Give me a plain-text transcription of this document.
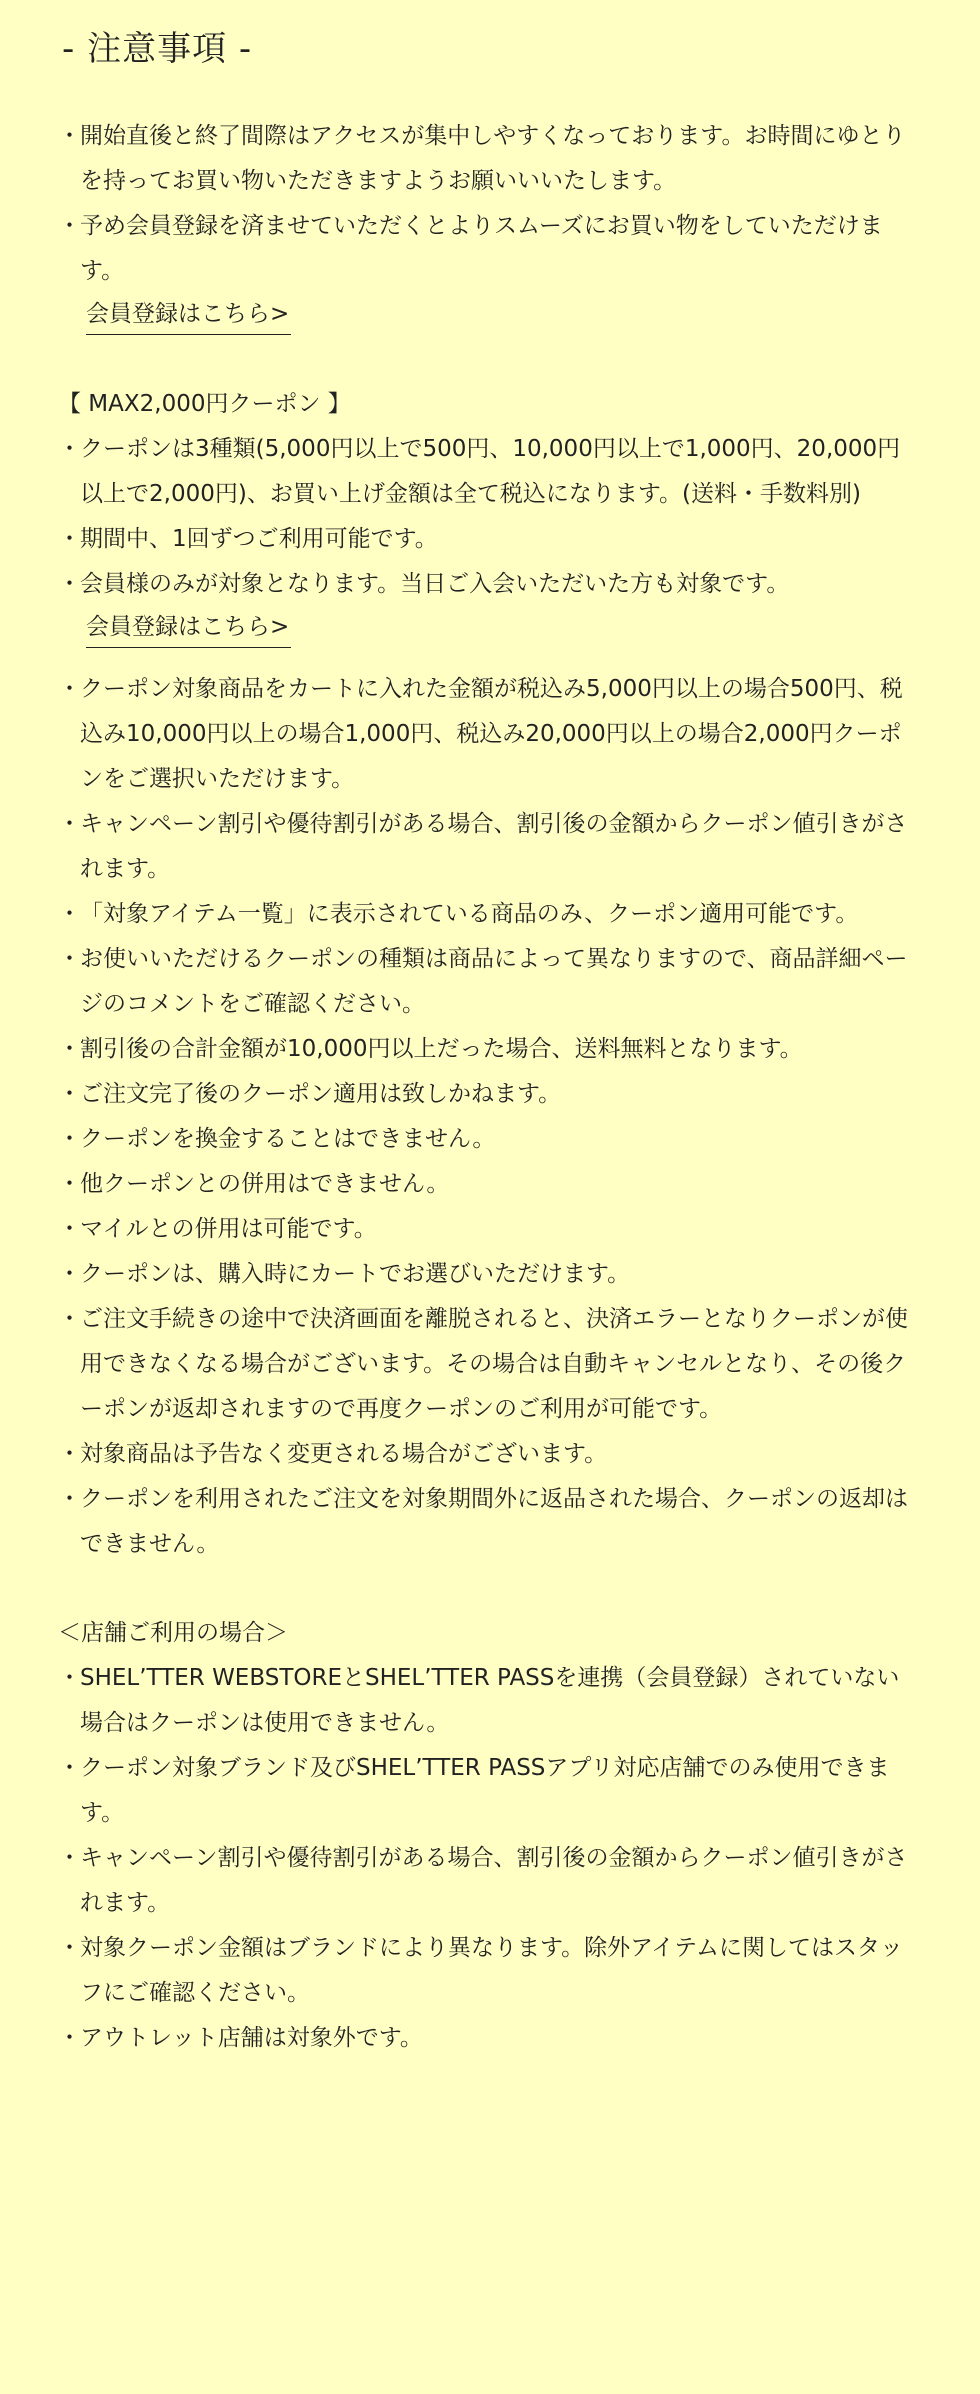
- 注意事項 -
・ 開始直後と終了間際はアクセスが集中しやすくなっております。お時間にゆとりを持ってお買い物いただきますようお願いいいたします。
・ 予め会員登録を済ませていただくとよりスムーズにお買い物をしていただけます。
会員登録はこちら>
【 MAX2,000円クーポン 】
・ クーポンは3種類(5,000円以上で500円、10,000円以上で1,000円、20,000円以上で2,000円)、お買い上げ金額は全て税込になります。(送料・手数料別)
・ 期間中、1回ずつご利用可能です。
・ 会員様のみが対象となります。当日ご入会いただいた方も対象です。
会員登録はこちら>
・ クーポン対象商品をカートに入れた金額が税込み5,000円以上の場合500円、税込み10,000円以上の場合1,000円、税込み20,000円以上の場合2,000円クーポンをご選択いただけます。
・ キャンペーン割引や優待割引がある場合、割引後の金額からクーポン値引きがされます。
・ 「対象アイテム一覧」に表示されている商品のみ、クーポン適用可能です。
・ お使いいただけるクーポンの種類は商品によって異なりますので、商品詳細ページのコメントをご確認ください。
・ 割引後の合計金額が10,000円以上だった場合、送料無料となります。
・ ご注文完了後のクーポン適用は致しかねます。
・ クーポンを換金することはできません。
・ 他クーポンとの併用はできません。
・ マイルとの併用は可能です。
・ クーポンは、購入時にカートでお選びいただけます。
・ ご注文手続きの途中で決済画面を離脱されると、決済エラーとなりクーポンが使用できなくなる場合がございます。その場合は自動キャンセルとなり、その後クーポンが返却されますので再度クーポンのご利用が可能です。
・ 対象商品は予告なく変更される場合がございます。
・ クーポンを利用されたご注文を対象期間外に返品された場合、クーポンの返却はできません。
＜店舗ご利用の場合＞
・ SHEL’TTER WEBSTOREとSHEL’TTER PASSを連携（会員登録）されていない場合はクーポンは使用できません。
・ クーポン対象ブランド及びSHEL’TTER PASSアプリ対応店舗でのみ使用できます。
・ キャンペーン割引や優待割引がある場合、割引後の金額からクーポン値引きがされます。
・ 対象クーポン金額はブランドにより異なります。除外アイテムに関してはスタッフにご確認ください。
・ アウトレット店舗は対象外です。
